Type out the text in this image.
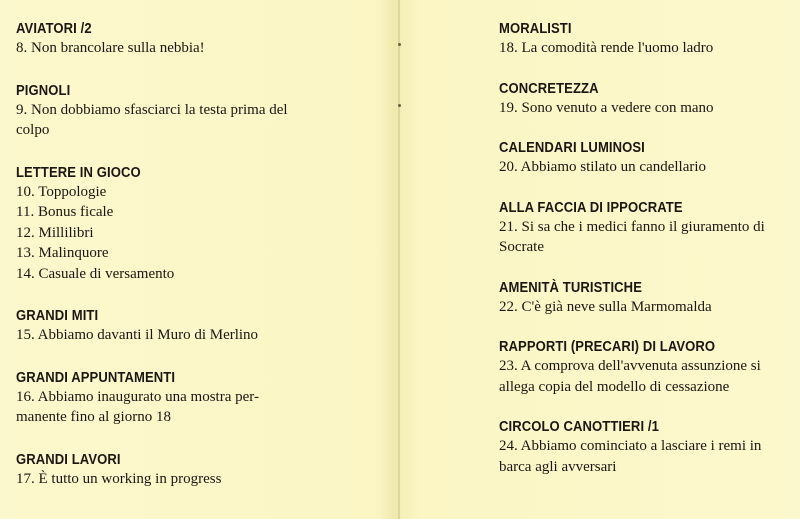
AVIATORI /2
8. Non brancolare sulla nebbia!
PIGNOLI
9. Non dobbiamo sfasciarci la testa prima del colpo
LETTERE IN GIOCO
10. Toppologie
11. Bonus ficale
12. Millilibri
13. Malinquore
14. Casuale di versamento
GRANDI MITI
15. Abbiamo davanti il Muro di Merlino
GRANDI APPUNTAMENTI
16. Abbiamo inaugurato una mostra per-manente fino al giorno 18
GRANDI LAVORI
17. È tutto un working in progress
MORALISTI
18. La comodità rende l'uomo ladro
CONCRETEZZA
19. Sono venuto a vedere con mano
CALENDARI LUMINOSI
20. Abbiamo stilato un candellario
ALLA FACCIA DI IPPOCRATE
21. Si sa che i medici fanno il giuramento di Socrate
AMENITÀ TURISTICHE
22. C'è già neve sulla Marmomalda
RAPPORTI (PRECARI) DI LAVORO
23. A comprova dell'avvenuta assunzione si allega copia del modello di cessazione
CIRCOLO CANOTTIERI /1
24. Abbiamo cominciato a lasciare i remi in barca agli avversari
